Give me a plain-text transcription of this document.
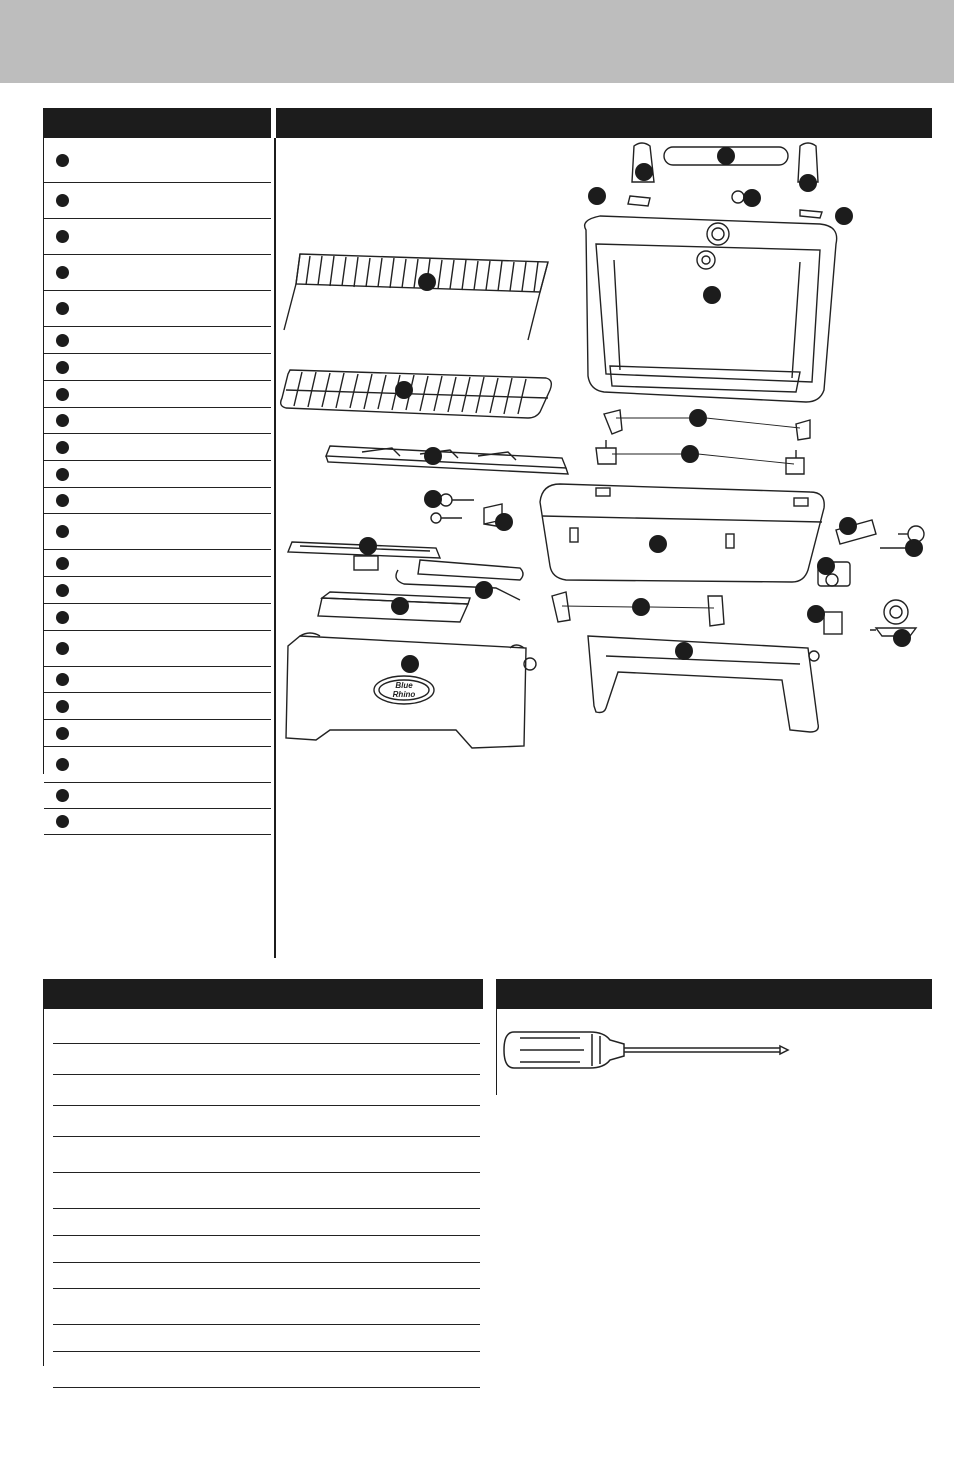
Blue
Rhino
